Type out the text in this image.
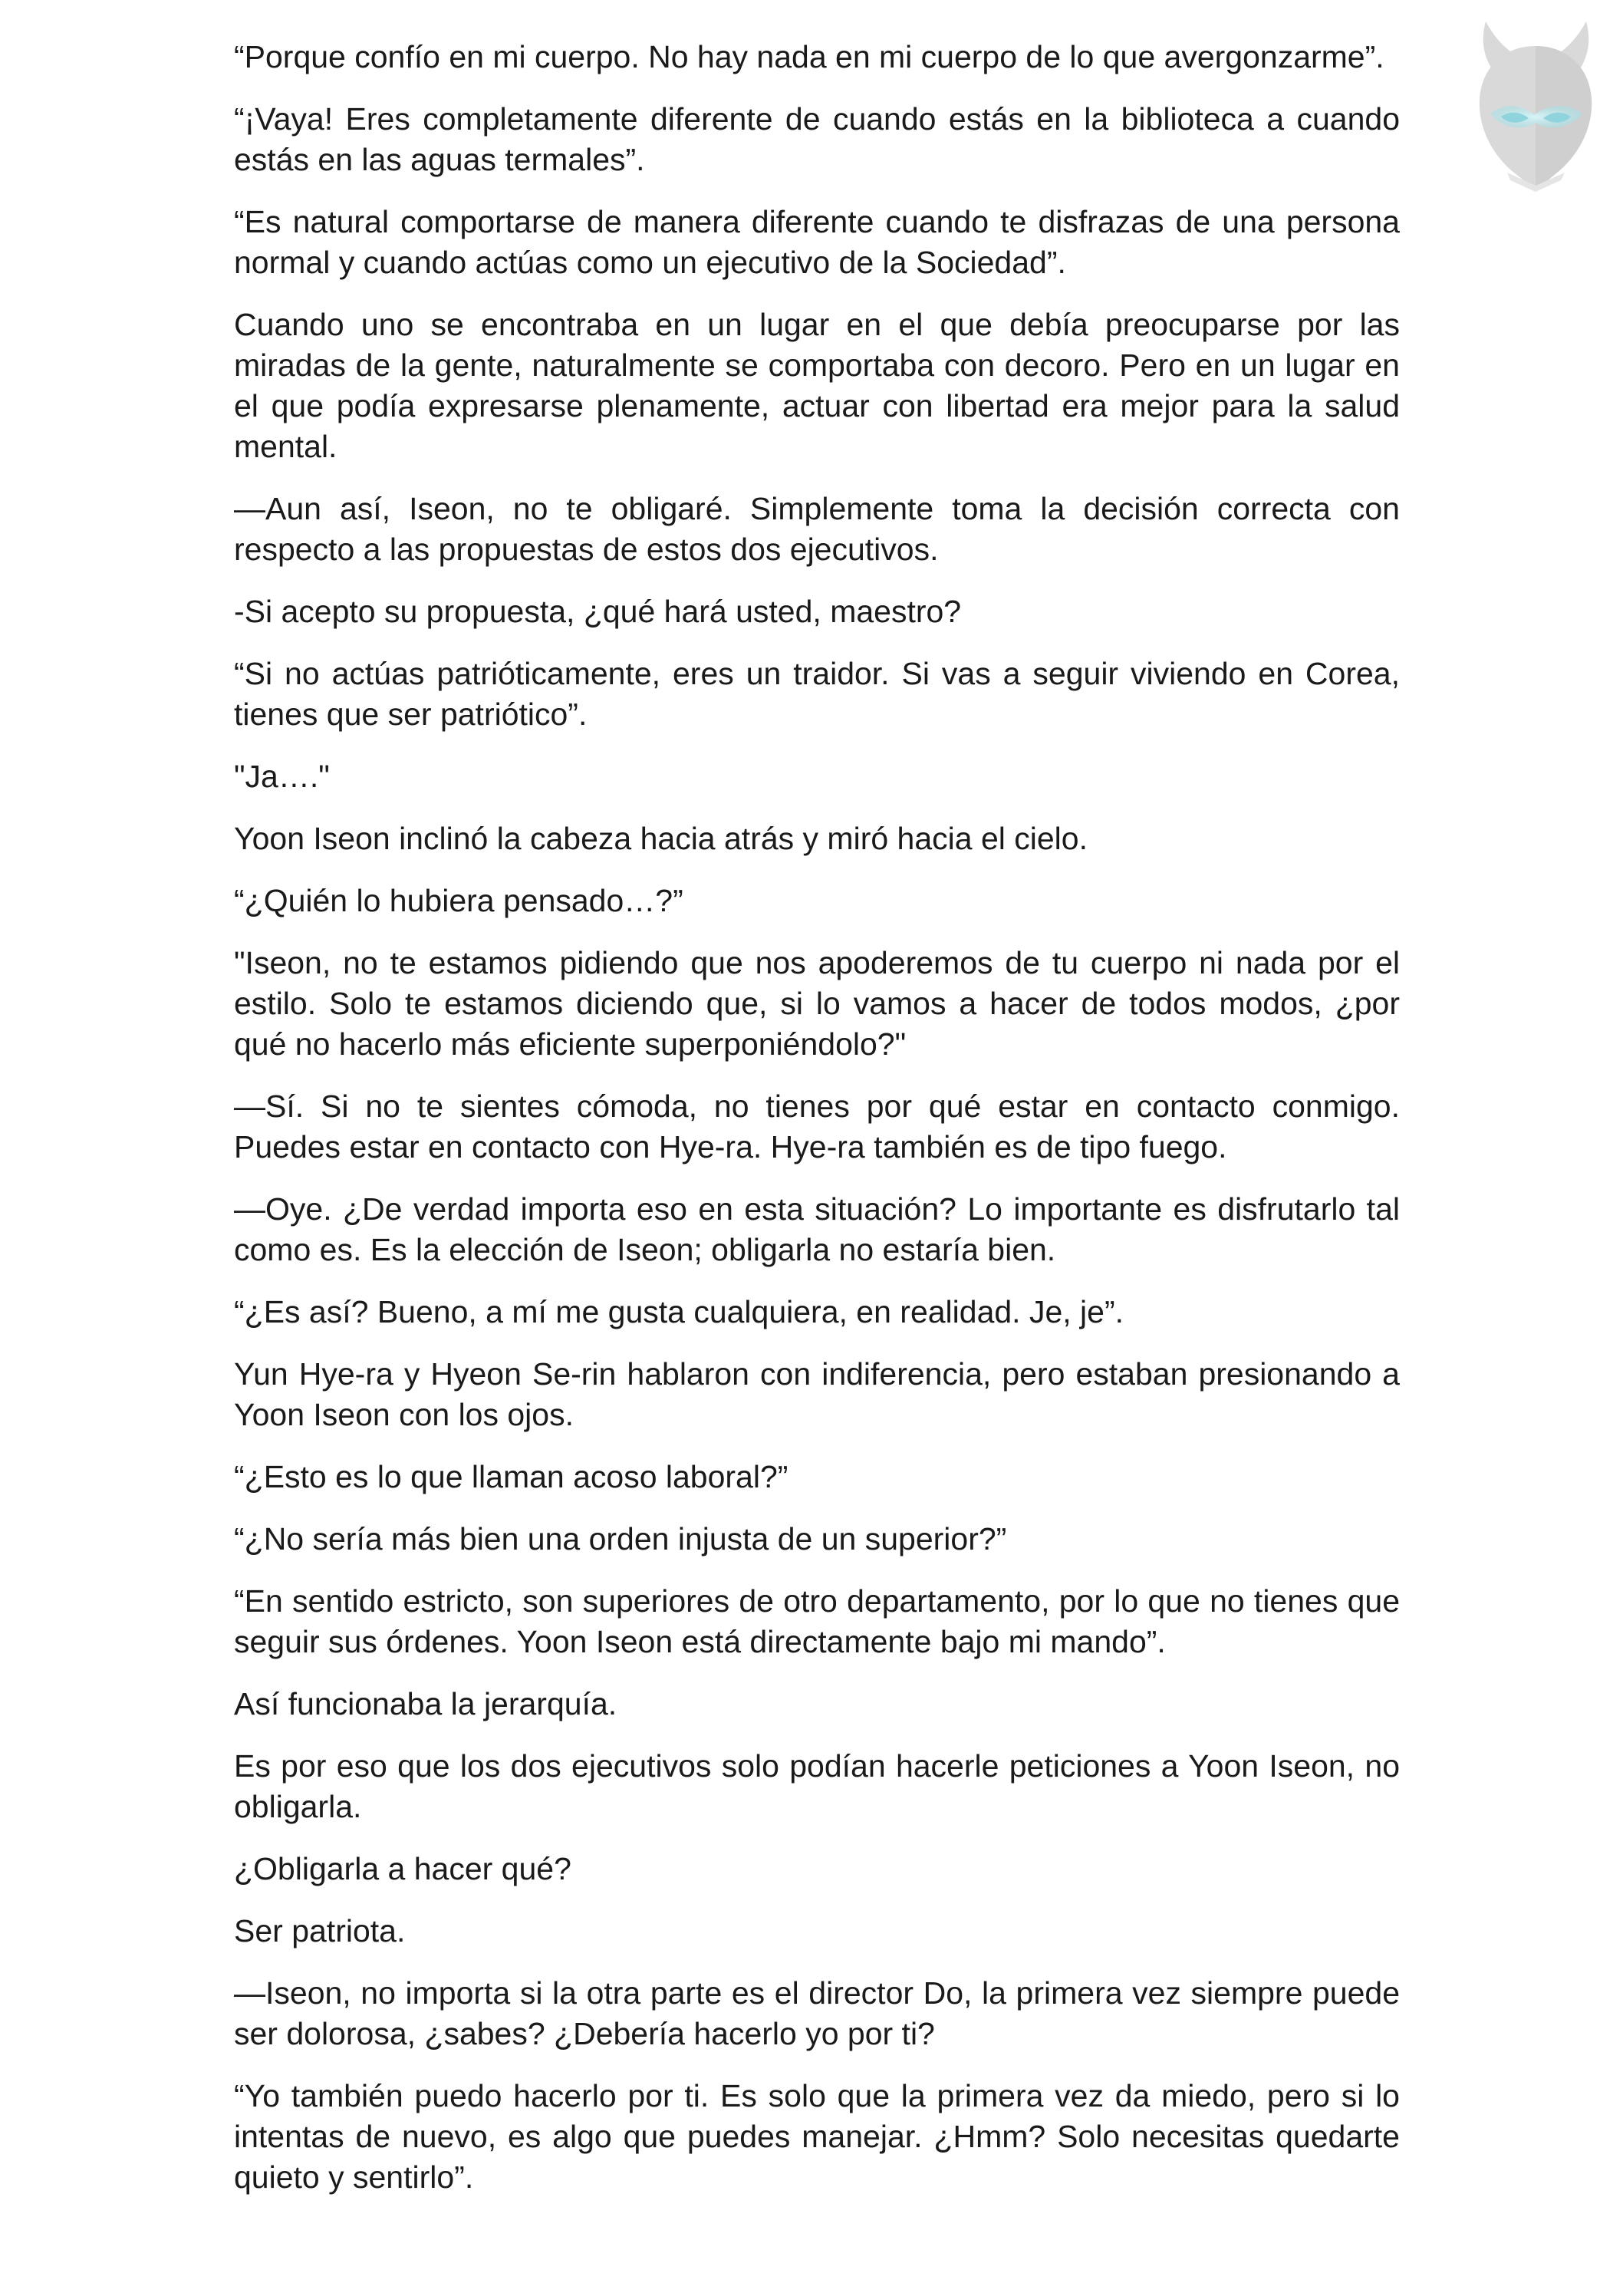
“Porque confío en mi cuerpo. No hay nada en mi cuerpo de lo que avergonzarme”.

“¡Vaya! Eres completamente diferente de cuando estás en la biblioteca a cuando estás en las aguas termales”.

“Es natural comportarse de manera diferente cuando te disfrazas de una persona normal y cuando actúas como un ejecutivo de la Sociedad”.

Cuando uno se encontraba en un lugar en el que debía preocuparse por las miradas de la gente, naturalmente se comportaba con decoro. Pero en un lugar en el que podía expresarse plenamente, actuar con libertad era mejor para la salud mental.

—Aun así, Iseon, no te obligaré. Simplemente toma la decisión correcta con respecto a las propuestas de estos dos ejecutivos.

-Si acepto su propuesta, ¿qué hará usted, maestro?

“Si no actúas patrióticamente, eres un traidor. Si vas a seguir viviendo en Corea, tienes que ser patriótico”.

"Ja…."

Yoon Iseon inclinó la cabeza hacia atrás y miró hacia el cielo.

“¿Quién lo hubiera pensado…?”

"Iseon, no te estamos pidiendo que nos apoderemos de tu cuerpo ni nada por el estilo. Solo te estamos diciendo que, si lo vamos a hacer de todos modos, ¿por qué no hacerlo más eficiente superponiéndolo?"

—Sí. Si no te sientes cómoda, no tienes por qué estar en contacto conmigo. Puedes estar en contacto con Hye-ra. Hye-ra también es de tipo fuego.

—Oye. ¿De verdad importa eso en esta situación? Lo importante es disfrutarlo tal como es. Es la elección de Iseon; obligarla no estaría bien.

“¿Es así? Bueno, a mí me gusta cualquiera, en realidad. Je, je”.

Yun Hye-ra y Hyeon Se-rin hablaron con indiferencia, pero estaban presionando a Yoon Iseon con los ojos.

“¿Esto es lo que llaman acoso laboral?”

“¿No sería más bien una orden injusta de un superior?”

“En sentido estricto, son superiores de otro departamento, por lo que no tienes que seguir sus órdenes. Yoon Iseon está directamente bajo mi mando”.

Así funcionaba la jerarquía.

Es por eso que los dos ejecutivos solo podían hacerle peticiones a Yoon Iseon, no obligarla.

¿Obligarla a hacer qué?

Ser patriota.

—Iseon, no importa si la otra parte es el director Do, la primera vez siempre puede ser dolorosa, ¿sabes? ¿Debería hacerlo yo por ti?

“Yo también puedo hacerlo por ti. Es solo que la primera vez da miedo, pero si lo intentas de nuevo, es algo que puedes manejar. ¿Hmm? Solo necesitas quedarte quieto y sentirlo”.
